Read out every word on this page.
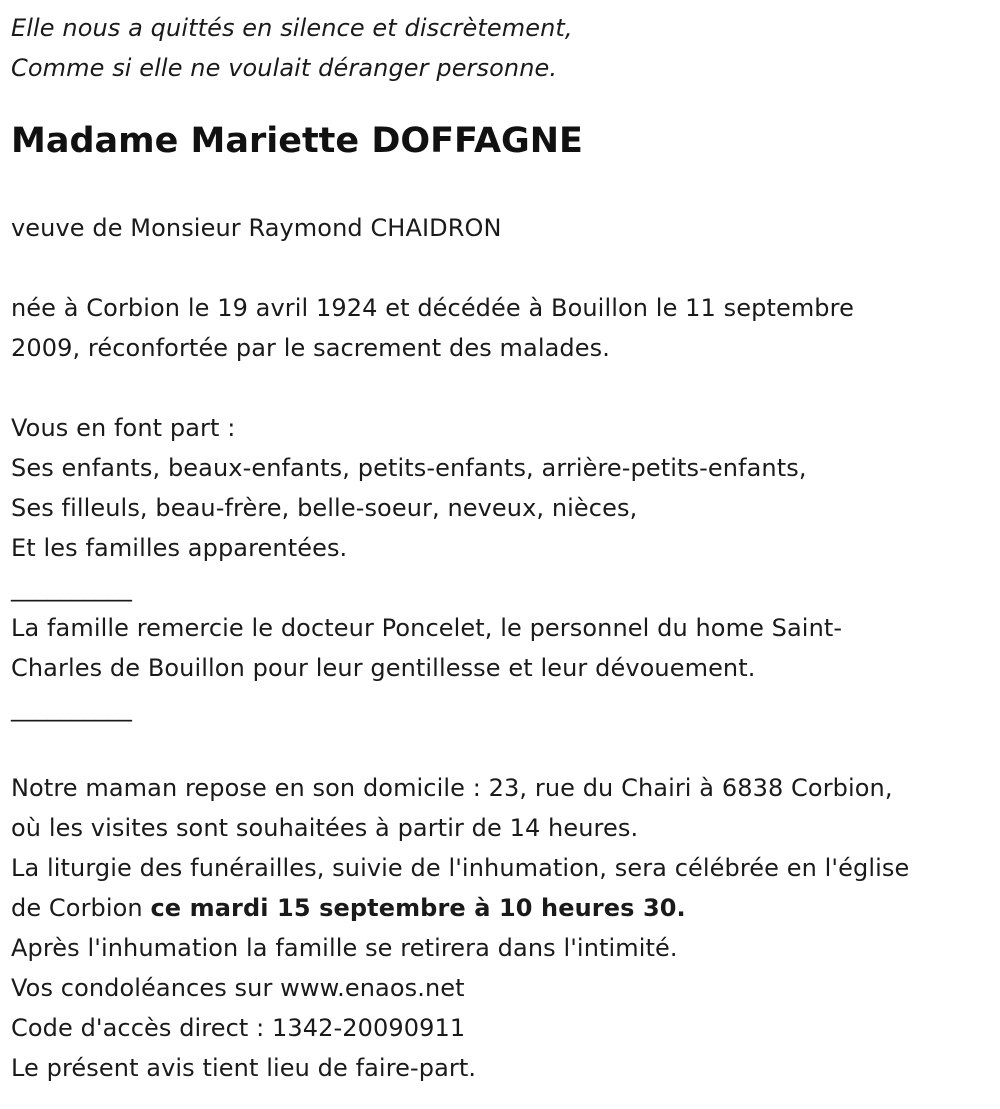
Elle nous a quittés en silence et discrètement,
Comme si elle ne voulait déranger personne.
Madame Mariette DOFFAGNE
veuve de Monsieur Raymond CHAIDRON
née à Corbion le 19 avril 1924 et décédée à Bouillon le 11 septembre
2009, réconfortée par le sacrement des malades.
Vous en font part :
Ses enfants, beaux-enfants, petits-enfants, arrière-petits-enfants,
Ses filleuls, beau-frère, belle-soeur, neveux, nièces,
Et les familles apparentées.
__________
La famille remercie le docteur Poncelet, le personnel du home Saint-
Charles de Bouillon pour leur gentillesse et leur dévouement.
__________
Notre maman repose en son domicile : 23, rue du Chairi à 6838 Corbion,
où les visites sont souhaitées à partir de 14 heures.
La liturgie des funérailles, suivie de l'inhumation, sera célébrée en l'église
de Corbion ce mardi 15 septembre à 10 heures 30.
Après l'inhumation la famille se retirera dans l'intimité.
Vos condoléances sur www.enaos.net
Code d'accès direct : 1342-20090911
Le présent avis tient lieu de faire-part.
